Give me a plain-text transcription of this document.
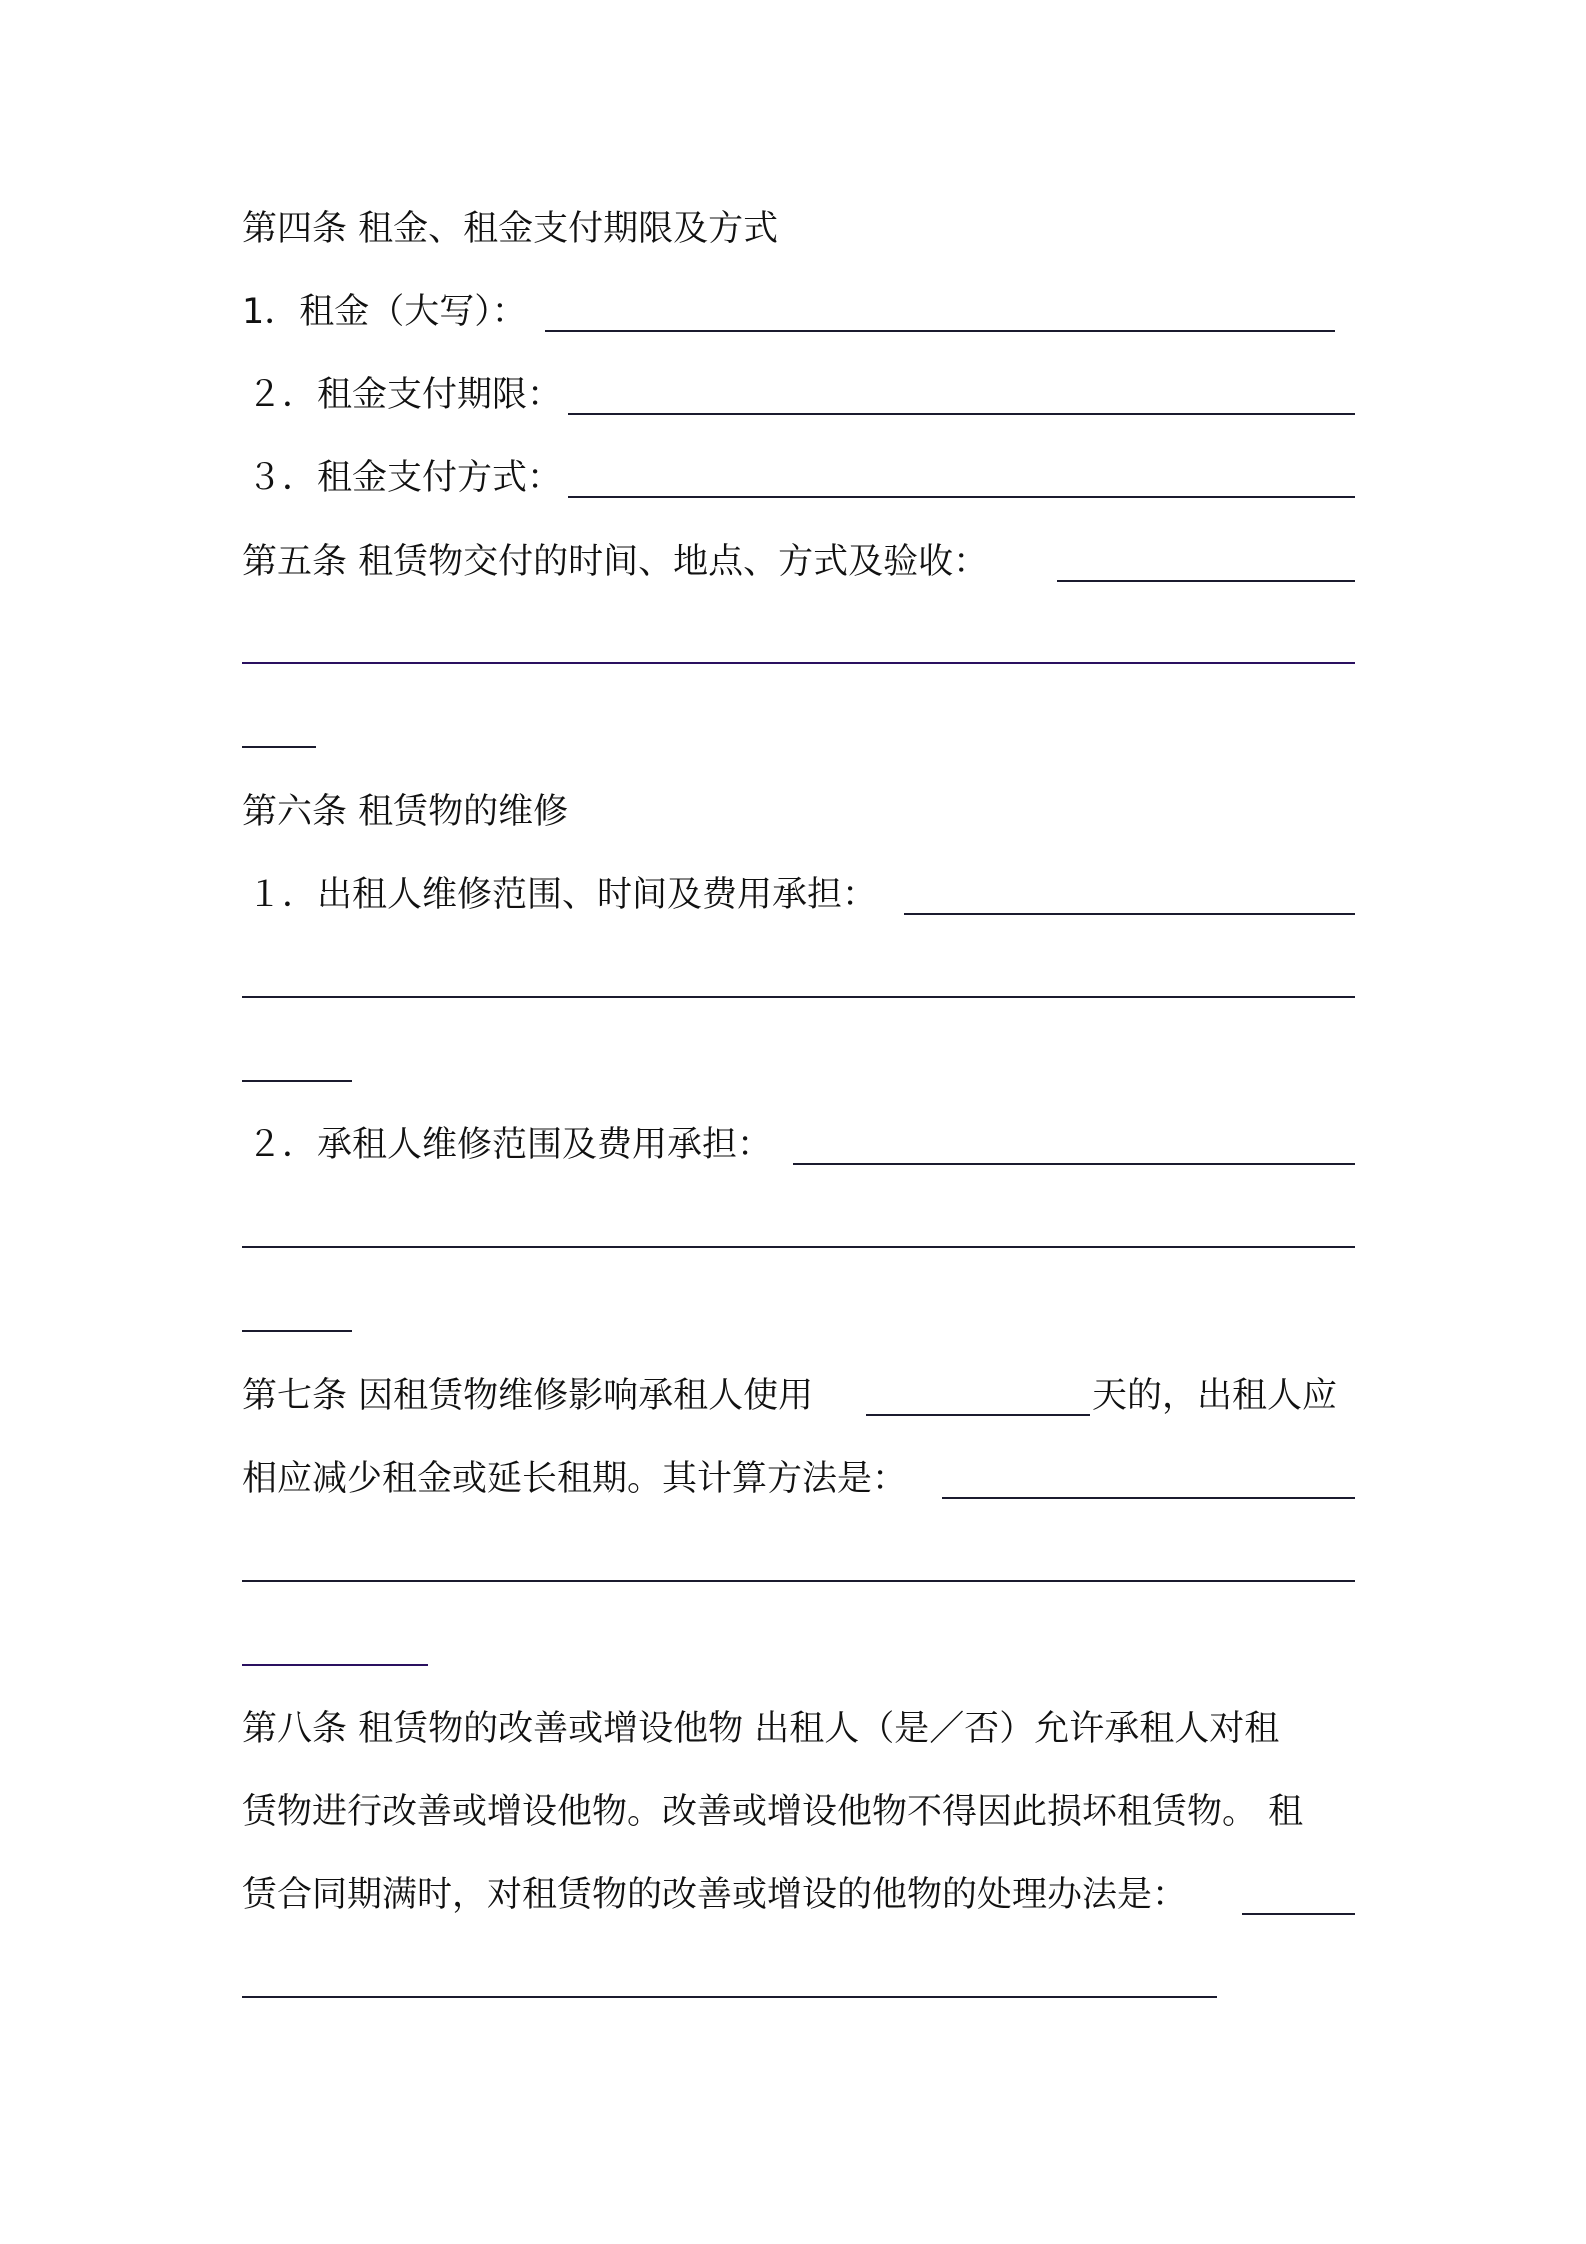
第四条 租金、租金支付期限及方式
1．租金（大写）：
２．租金支付期限：
３．租金支付方式：
第五条 租赁物交付的时间、地点、方式及验收：
第六条 租赁物的维修
１．出租人维修范围、时间及费用承担：
２．承租人维修范围及费用承担：
第七条 因租赁物维修影响承租人使用	天的，出租人应
相应减少租金或延长租期。其计算方法是：
第八条 租赁物的改善或增设他物 出租人（是／否）允许承租人对租
赁物进行改善或增设他物。改善或增设他物不得因此损坏租赁物。 租
赁合同期满时，对租赁物的改善或增设的他物的处理办法是：
